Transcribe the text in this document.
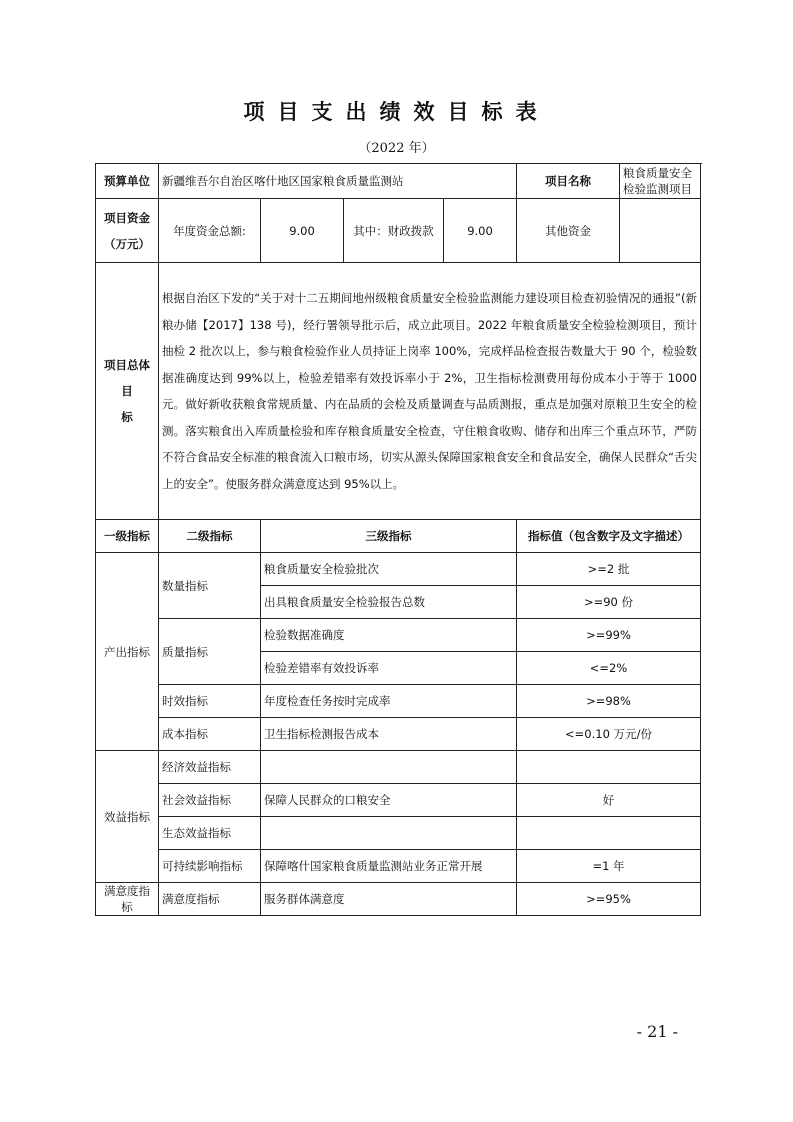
项目支出绩效目标表
（2022 年）
预算单位	新疆维吾尔自治区喀什地区国家粮食质量监测站				项目名称	粮食质量安全检验监测项目

项目资金
（万元）	年度资金总额:	9.00	其中：财政拨款	9.00	其他资金	

项目总体目
标	根据自治区下发的“关于对十二五期间地州级粮食质量安全检验监测能力建设项目检查初验情况的通报”(新粮办储【2017】138 号)，经行署领导批示后，成立此项目。2022 年粮食质量安全检验检测项目，预计抽检 2 批次以上，参与粮食检验作业人员持证上岗率 100%，完成样品检查报告数量大于 90 个，检验数据准确度达到 99%以上，检验差错率有效投诉率小于 2%，卫生指标检测费用每份成本小于等于 1000 元。做好新收获粮食常规质量、内在品质的会检及质量调查与品质测报，重点是加强对原粮卫生安全的检测。落实粮食出入库质量检验和库存粮食质量安全检查，守住粮食收购、储存和出库三个重点环节，严防不符合食品安全标准的粮食流入口粮市场，切实从源头保障国家粮食安全和食品安全，确保人民群众“舌尖上的安全”。使服务群众满意度达到 95%以上。					
一级指标	二级指标	三级指标			指标值（包含数字及文字描述）	
产出指标	数量指标	粮食质量安全检验批次			>=2 批	
		出具粮食质量安全检验报告总数			>=90 份	
	质量指标	检验数据准确度			>=99%	
		检验差错率有效投诉率			<=2%	
	时效指标	年度检查任务按时完成率			>=98%	
	成本指标	卫生指标检测报告成本			<=0.10 万元/份	
效益指标	经济效益指标					
	社会效益指标	保障人民群众的口粮安全			好	
	生态效益指标					
	可持续影响指标	保障喀什国家粮食质量监测站业务正常开展			=1 年	
满意度指标	满意度指标	服务群体满意度			>=95%	
- 21 -
